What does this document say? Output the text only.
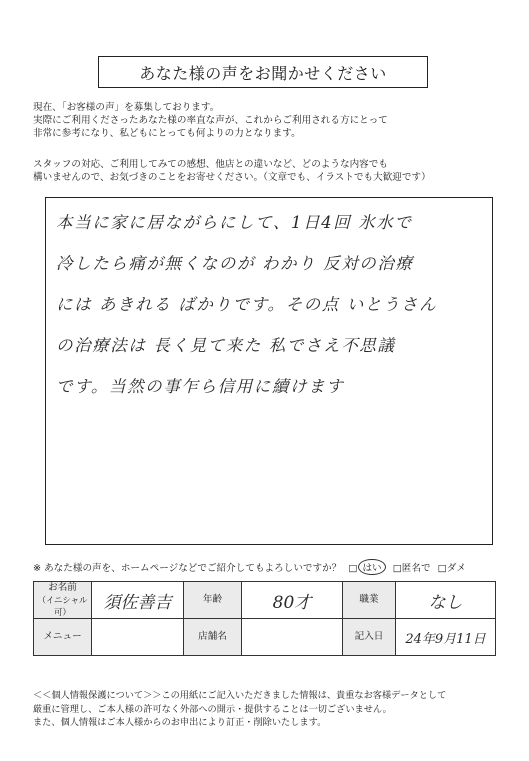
あなた様の声をお聞かせください

現在、「お客様の声」を募集しております。

実際にご利用くださったあなた様の率直な声が、これからご利用される方にとって

非常に参考になり、私どもにとっても何よりの力となります。

スタッフの対応、ご利用してみての感想、他店との違いなど、どのような内容でも

構いませんので、お気づきのことをお寄せください。（文章でも、イラストでも大歓迎です）

本当に家に居ながらにして、1日4回 氷水で
冷したら痛が無くなのが わかり 反対の治療
には あきれる ばかりです。その点 いとうさん
の治療法は 長く見て来た 私でさえ不思議
です。当然の事乍ら信用に續けます
※ あなた様の声を、ホームページなどでご紹介してもよろしいですか？ □ はい □匿名で □ダメ
お名前
（イニシャル可）	須佐善吉	年齢	80才	職業	なし
メニュー		店舗名		記入日	24年9月11日

＜＜個人情報保護について＞＞この用紙にご記入いただきました情報は、貴重なお客様データとして

厳重に管理し、ご本人様の許可なく外部への開示・提供することは一切ございません。

また、個人情報はご本人様からのお申出により訂正・削除いたします。
